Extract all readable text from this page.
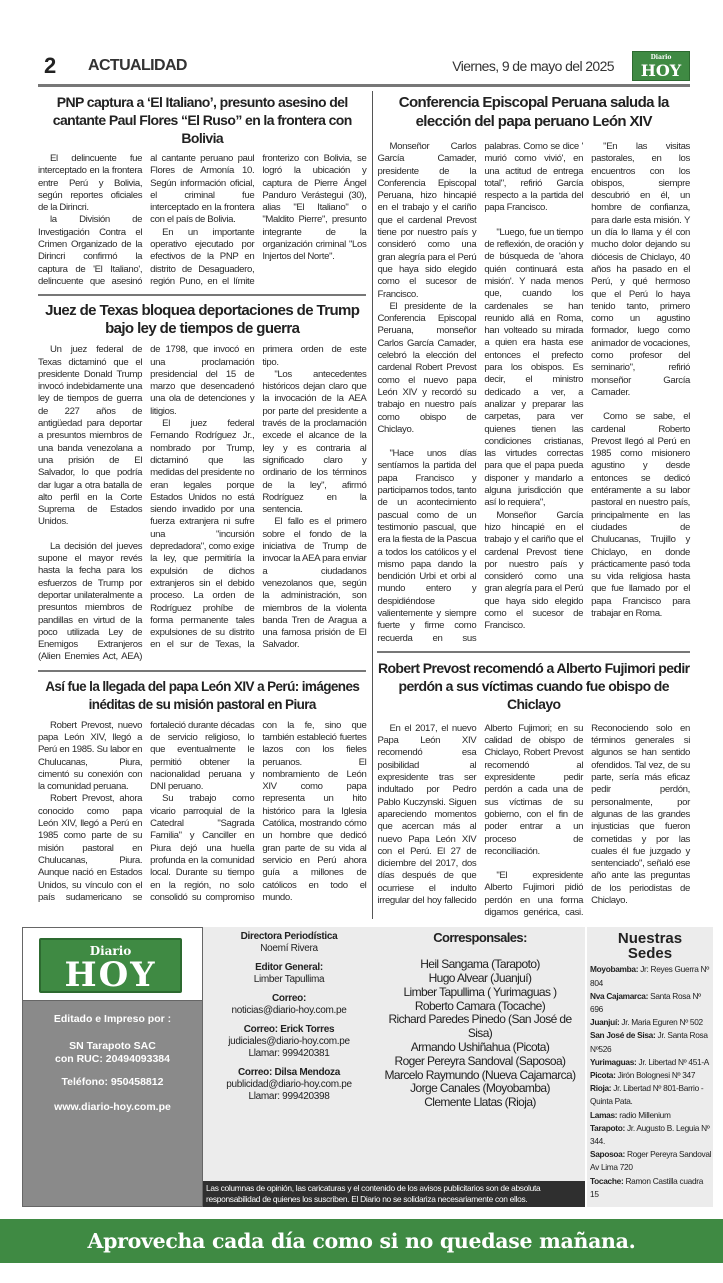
2	ACTUALIDAD	Viernes, 9 de mayo del 2025
Diario
HOY
PNP captura a ‘El Italiano’, presunto asesino del cantante Paul Flores “El Ruso” en la frontera con Bolivia

El delincuente fue interceptado en la frontera entre Perú y Bolivia, según reportes oficiales de la Dirincri.

la División de Investigación Contra el Crimen Organizado de la Dirincri confirmó la captura de 'El Italiano', delincuente que asesinó al cantante peruano paul Flores de Armonía 10. Según información oficial, el criminal fue interceptado en la frontera con el país de Bolivia.

En un importante operativo ejecutado por efectivos de la PNP en distrito de Desaguadero, región Puno, en el límite fronterizo con Bolivia, se logró la ubicación y captura de Pierre Ángel Panduro Verástegui (30), alias "El Italiano" o "Maldito Pierre", presunto integrante de la organización criminal "Los Injertos del Norte".

Juez de Texas bloquea deportaciones de Trump bajo ley de tiempos de guerra

Un juez federal de Texas dictaminó que el presidente Donald Trump invocó indebidamente una ley de tiempos de guerra de 227 años de antigüedad para deportar a presuntos miembros de una banda venezolana a una prisión de El Salvador, lo que podría dar lugar a otra batalla de alto perfil en la Corte Suprema de Estados Unidos.

La decisión del jueves supone el mayor revés hasta la fecha para los esfuerzos de Trump por deportar unilateralmente a presuntos miembros de pandillas en virtud de la poco utilizada Ley de Enemigos Extranjeros (Alien Enemies Act, AEA) de 1798, que invocó en una proclamación presidencial del 15 de marzo que desencadenó una ola de detenciones y litigios.

El juez federal Fernando Rodríguez Jr., nombrado por Trump, dictaminó que las medidas del presidente no eran legales porque Estados Unidos no está siendo invadido por una fuerza extranjera ni sufre una "incursión depredadora", como exige la ley, que permitiría la expulsión de dichos extranjeros sin el debido proceso. La orden de Rodríguez prohíbe de forma permanente tales expulsiones de su distrito en el sur de Texas, la primera orden de este tipo.

"Los antecedentes históricos dejan claro que la invocación de la AEA por parte del presidente a través de la proclamación excede el alcance de la ley y es contraria al significado claro y ordinario de los términos de la ley", afirmó Rodríguez en la sentencia.

El fallo es el primero sobre el fondo de la iniciativa de Trump de invocar la AEA para enviar a ciudadanos venezolanos que, según la administración, son miembros de la violenta banda Tren de Aragua a una famosa prisión de El Salvador.

Así fue la llegada del papa León XIV a Perú: imágenes inéditas de su misión pastoral en Piura

Robert Prevost, nuevo papa León XIV, llegó a Perú en 1985. Su labor en Chulucanas, Piura, cimentó su conexión con la comunidad peruana.

Robert Prevost, ahora conocido como papa León XIV, llegó a Perú en 1985 como parte de su misión pastoral en Chulucanas, Piura. Aunque nació en Estados Unidos, su vínculo con el país sudamericano se fortaleció durante décadas de servicio religioso, lo que eventualmente le permitió obtener la nacionalidad peruana y DNI peruano.

Su trabajo como vicario parroquial de la Catedral "Sagrada Familia" y Canciller en Piura dejó una huella profunda en la comunidad local. Durante su tiempo en la región, no solo consolidó su compromiso con la fe, sino que también estableció fuertes lazos con los fieles peruanos. El nombramiento de León XIV como papa representa un hito histórico para la Iglesia Católica, mostrando cómo un hombre que dedicó gran parte de su vida al servicio en Perú ahora guía a millones de católicos en todo el mundo.

Conferencia Episcopal Peruana saluda la elección del papa peruano León XIV

Monseñor Carlos García Camader, presidente de la Conferencia Episcopal Peruana, hizo hincapié en el trabajo y el cariño que el cardenal Prevost tiene por nuestro país y consideró como una gran alegría para el Perú que haya sido elegido como el sucesor de Francisco.

El presidente de la Conferencia Episcopal Peruana, monseñor Carlos García Camader, celebró la elección del cardenal Robert Prevost como el nuevo papa León XIV y recordó su trabajo en nuestro país como obispo de Chiclayo.

"Hace unos días sentíamos la partida del papa Francisco y participamos todos, tanto de un acontecimiento pascual como de un testimonio pascual, que era la fiesta de la Pascua a todos los católicos y el mismo papa dando la bendición Urbi et orbi al mundo entero y despidiéndose valientemente y siempre fuerte y firme como recuerda en sus palabras. Como se dice ' murió como vivió', en una actitud de entrega total", refirió García respecto a la partida del papa Francisco.

"Luego, fue un tiempo de reflexión, de oración y de búsqueda de 'ahora quién continuará esta misión'. Y nada menos que, cuando los cardenales se han reunido allá en Roma, han volteado su mirada a quien era hasta ese entonces el prefecto para los obispos. Es decir, el ministro dedicado a ver, a analizar y preparar las carpetas, para ver quienes tienen las condiciones cristianas, las virtudes correctas para que el papa pueda disponer y mandarlo a alguna jurisdicción que así lo requiera",

Monseñor García hizo hincapié en el trabajo y el cariño que el cardenal Prevost tiene por nuestro país y consideró como una gran alegría para el Perú que haya sido elegido como el sucesor de Francisco.

"En las visitas pastorales, en los encuentros con los obispos, siempre descubrió en él, un hombre de confianza, para darle esta misión. Y un día lo llama y él con mucho dolor dejando su diócesis de Chiclayo, 40 años ha pasado en el Perú, y qué hermoso que el Perú lo haya tenido tanto, primero como un agustino formador, luego como animador de vocaciones, como profesor del seminario", refirió monseñor García Camader.

Como se sabe, el cardenal Roberto Prevost llegó al Perú en 1985 como misionero agustino y desde entonces se dedicó entéramente a su labor pastoral en nuestro país, principalmente en las ciudades de Chulucanas, Trujillo y Chiclayo, en donde prácticamente pasó toda su vida religiosa hasta que fue llamado por el papa Francisco para trabajar en Roma.

Robert Prevost recomendó a Alberto Fujimori pedir perdón a sus víctimas cuando fue obispo de Chiclayo

En el 2017, el nuevo Papa León XIV recomendó esa posibilidad al expresidente tras ser indultado por Pedro Pablo Kuczynski. Siguen apareciendo momentos que acercan más al nuevo Papa León XIV con el Perú. El 27 de diciembre del 2017, dos días después de que ocurriese el indulto irregular del hoy fallecido Alberto Fujimori; en su calidad de obispo de Chiclayo, Robert Prevost recomendó al expresidente pedir perdón a cada una de sus víctimas de su gobierno, con el fin de poder entrar a un proceso de reconciliación.

"El expresidente Alberto Fujimori pidió perdón en una forma digamos genérica, casi. Reconociendo solo en términos generales si algunos se han sentido ofendidos. Tal vez, de su parte, sería más eficaz pedir perdón, personalmente, por algunas de las grandes injusticias que fueron cometidas y por las cuales él fue juzgado y sentenciado", señaló ese año ante las preguntas de los periodistas de Chiclayo.

Diario
HOY
Editado e Impreso por :
SN Tarapoto SAC
con RUC: 20494093384
Teléfono: 950458812
www.diario-hoy.com.pe
Directora Periodística
Noemí Rivera
Editor General:
Limber Tapullima
Correo:
noticias@diario-hoy.com.pe
Correo: Erick Torres
judiciales@diario-hoy.com.pe
Llamar: 999420381
Correo: Dilsa Mendoza
publicidad@diario-hoy.com.pe
Llamar: 999420398
Corresponsales:
Heil Sangama (Tarapoto)
Hugo Alvear (Juanjuí)
Limber Tapullima ( Yurimaguas )
Roberto Camara (Tocache)
Richard Paredes Pinedo (San José de Sisa)
Armando Ushiñahua (Picota)
Roger Pereyra Sandoval (Saposoa)
Marcelo Raymundo (Nueva Cajamarca)
Jorge Canales (Moyobamba)
Clemente Llatas (Rioja)
Las columnas de opinión, las caricaturas y el contenido de los avisos publicitarios son de absoluta responsabilidad de quienes los suscriben. El Diario no se solidariza necesariamente con ellos.
Nuestras Sedes
Moyobamba: Jr: Reyes Guerra Nº 804
Nva Cajamarca: Santa Rosa Nº 696
Juanjuí: Jr. Maria Eguren Nº 502
San José de Sisa: Jr. Santa Rosa Nº526
Yurimaguas: Jr. Libertad Nº 451-A
Picota: Jirón Bolognesi Nº 347
Rioja: Jr. Libertad Nº 801-Barrio - Quinta Pata.
Lamas: radio Millenium
Tarapoto: Jr. Augusto B. Leguia Nº 344.
Saposoa: Roger Pereyra Sandoval Av Lima 720
Tocache: Ramon Castilla cuadra 15
Aprovecha cada día como si no quedase mañana.
